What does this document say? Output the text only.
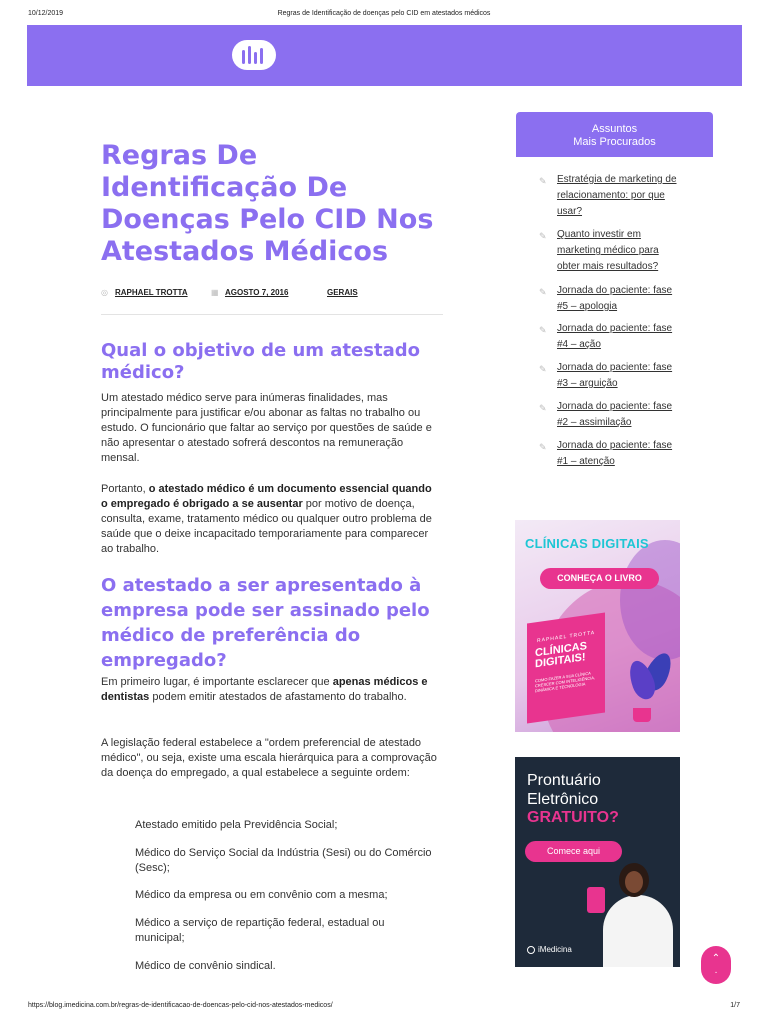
10/12/2019	Regras de Identificação de doenças pelo CID em atestados médicos
Regras De Identificação De Doenças Pelo CID Nos Atestados Médicos
◎ RAPHAEL TROTTA	▦ AGOSTO 7, 2016	GERAIS
Qual o objetivo de um atestado médico?

Um atestado médico serve para inúmeras finalidades, mas principalmente para justificar e/ou abonar as faltas no trabalho ou estudo. O funcionário que faltar ao serviço por questões de saúde e não apresentar o atestado sofrerá descontos na remuneração mensal.

Portanto, o atestado médico é um documento essencial quando o empregado é obrigado a se ausentar por motivo de doença, consulta, exame, tratamento médico ou qualquer outro problema de saúde que o deixe incapacitado temporariamente para comparecer ao trabalho.

O atestado a ser apresentado à empresa pode ser assinado pelo médico de preferência do empregado?

Em primeiro lugar, é importante esclarecer que apenas médicos e dentistas podem emitir atestados de afastamento do trabalho.

A legislação federal estabelece a "ordem preferencial de atestado médico", ou seja, existe uma escala hierárquica para a comprovação da doença do empregado, a qual estabelece a seguinte ordem:

Atestado emitido pela Previdência Social;

Médico do Serviço Social da Indústria (Sesi) ou do Comércio (Sesc);

Médico da empresa ou em convênio com a mesma;

Médico a serviço de repartição federal, estadual ou municipal;

Médico de convênio sindical.

Assuntos
Mais Procurados
✎	Estratégia de marketing de relacionamento: por que usar?
✎	Quanto investir em marketing médico para obter mais resultados?
✎	Jornada do paciente: fase #5 – apologia
✎	Jornada do paciente: fase #4 – ação
✎	Jornada do paciente: fase #3 – arguição
✎	Jornada do paciente: fase #2 – assimilação
✎	Jornada do paciente: fase #1 – atenção
CLÍNICAS DIGITAIS
CONHEÇA O LIVRO
RAPHAEL TROTTA
CLÍNICAS DIGITAIS!
COMO FAZER A SUA CLÍNICA CRESCER COM INTELIGÊNCIA, DINÂMICA E TECNOLOGIA
Prontuário
Eletrônico
GRATUITO?
Comece aqui
iMedicina
⌃
·
https://blog.imedicina.com.br/regras-de-identificacao-de-doencas-pelo-cid-nos-atestados-medicos/	1/7
